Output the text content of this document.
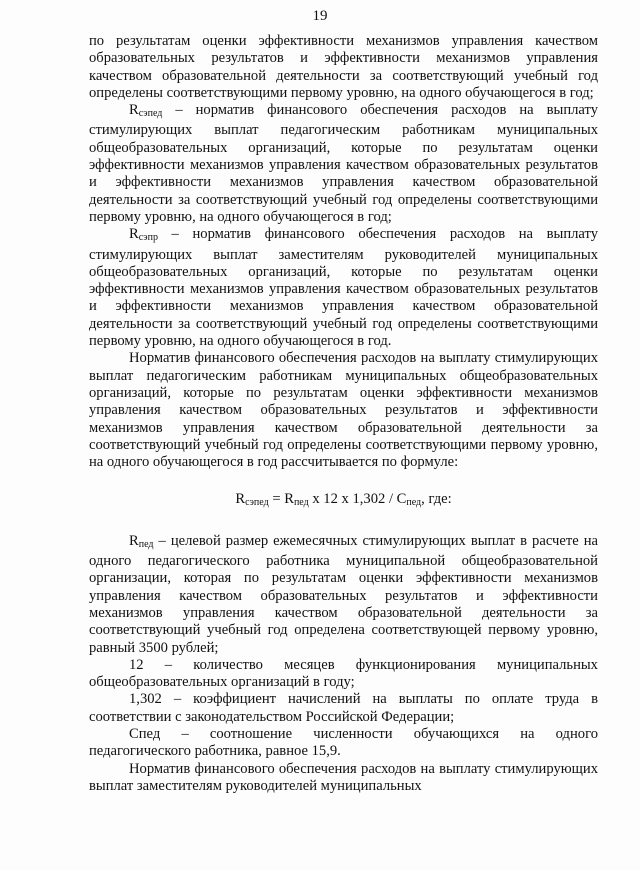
19

по результатам оценки эффективности механизмов управления качеством образовательных результатов и эффективности механизмов управления качеством образовательной деятельности за соответствующий учебный год определены соответствующими первому уровню, на одного обучающегося в год;

$R_{сэпед}$ – норматив финансового обеспечения расходов на выплату стимулирующих выплат педагогическим работникам муниципальных общеобразовательных организаций, которые по результатам оценки эффективности механизмов управления качеством образовательных результатов и эффективности механизмов управления качеством образовательной деятельности за соответствующий учебный год определены соответствующими первому уровню, на одного обучающегося в год;

$R_{сэпр}$ – норматив финансового обеспечения расходов на выплату стимулирующих выплат заместителям руководителей муниципальных общеобразовательных организаций, которые по результатам оценки эффективности механизмов управления качеством образовательных результатов и эффективности механизмов управления качеством образовательной деятельности за соответствующий учебный год определены соответствующими первому уровню, на одного обучающегося в год.

Норматив финансового обеспечения расходов на выплату стимулирующих выплат педагогическим работникам муниципальных общеобразовательных организаций, которые по результатам оценки эффективности механизмов управления качеством образовательных результатов и эффективности механизмов управления качеством образовательной деятельности за соответствующий учебный год определены соответствующими первому уровню, на одного обучающегося в год рассчитывается по формуле:

$R_{сэпед} = R_{пед}$ х 12 х $1,302 / С_{пед}$, где:

$R_{пед}$ – целевой размер ежемесячных стимулирующих выплат в расчете на одного педагогического работника муниципальной общеобразовательной организации, которая по результатам оценки эффективности механизмов управления качеством образовательных результатов и эффективности механизмов управления качеством образовательной деятельности за соответствующий учебный год определена соответствующей первому уровню, равный 3500 рублей;

12 – количество месяцев функционирования муниципальных общеобразовательных организаций в году;

1,302 – коэффициент начислений на выплаты по оплате труда в соответствии с законодательством Российской Федерации;

Спед – соотношение численности обучающихся на одного педагогического работника, равное 15,9.

Норматив финансового обеспечения расходов на выплату стимулирующих выплат заместителям руководителей муниципальных
